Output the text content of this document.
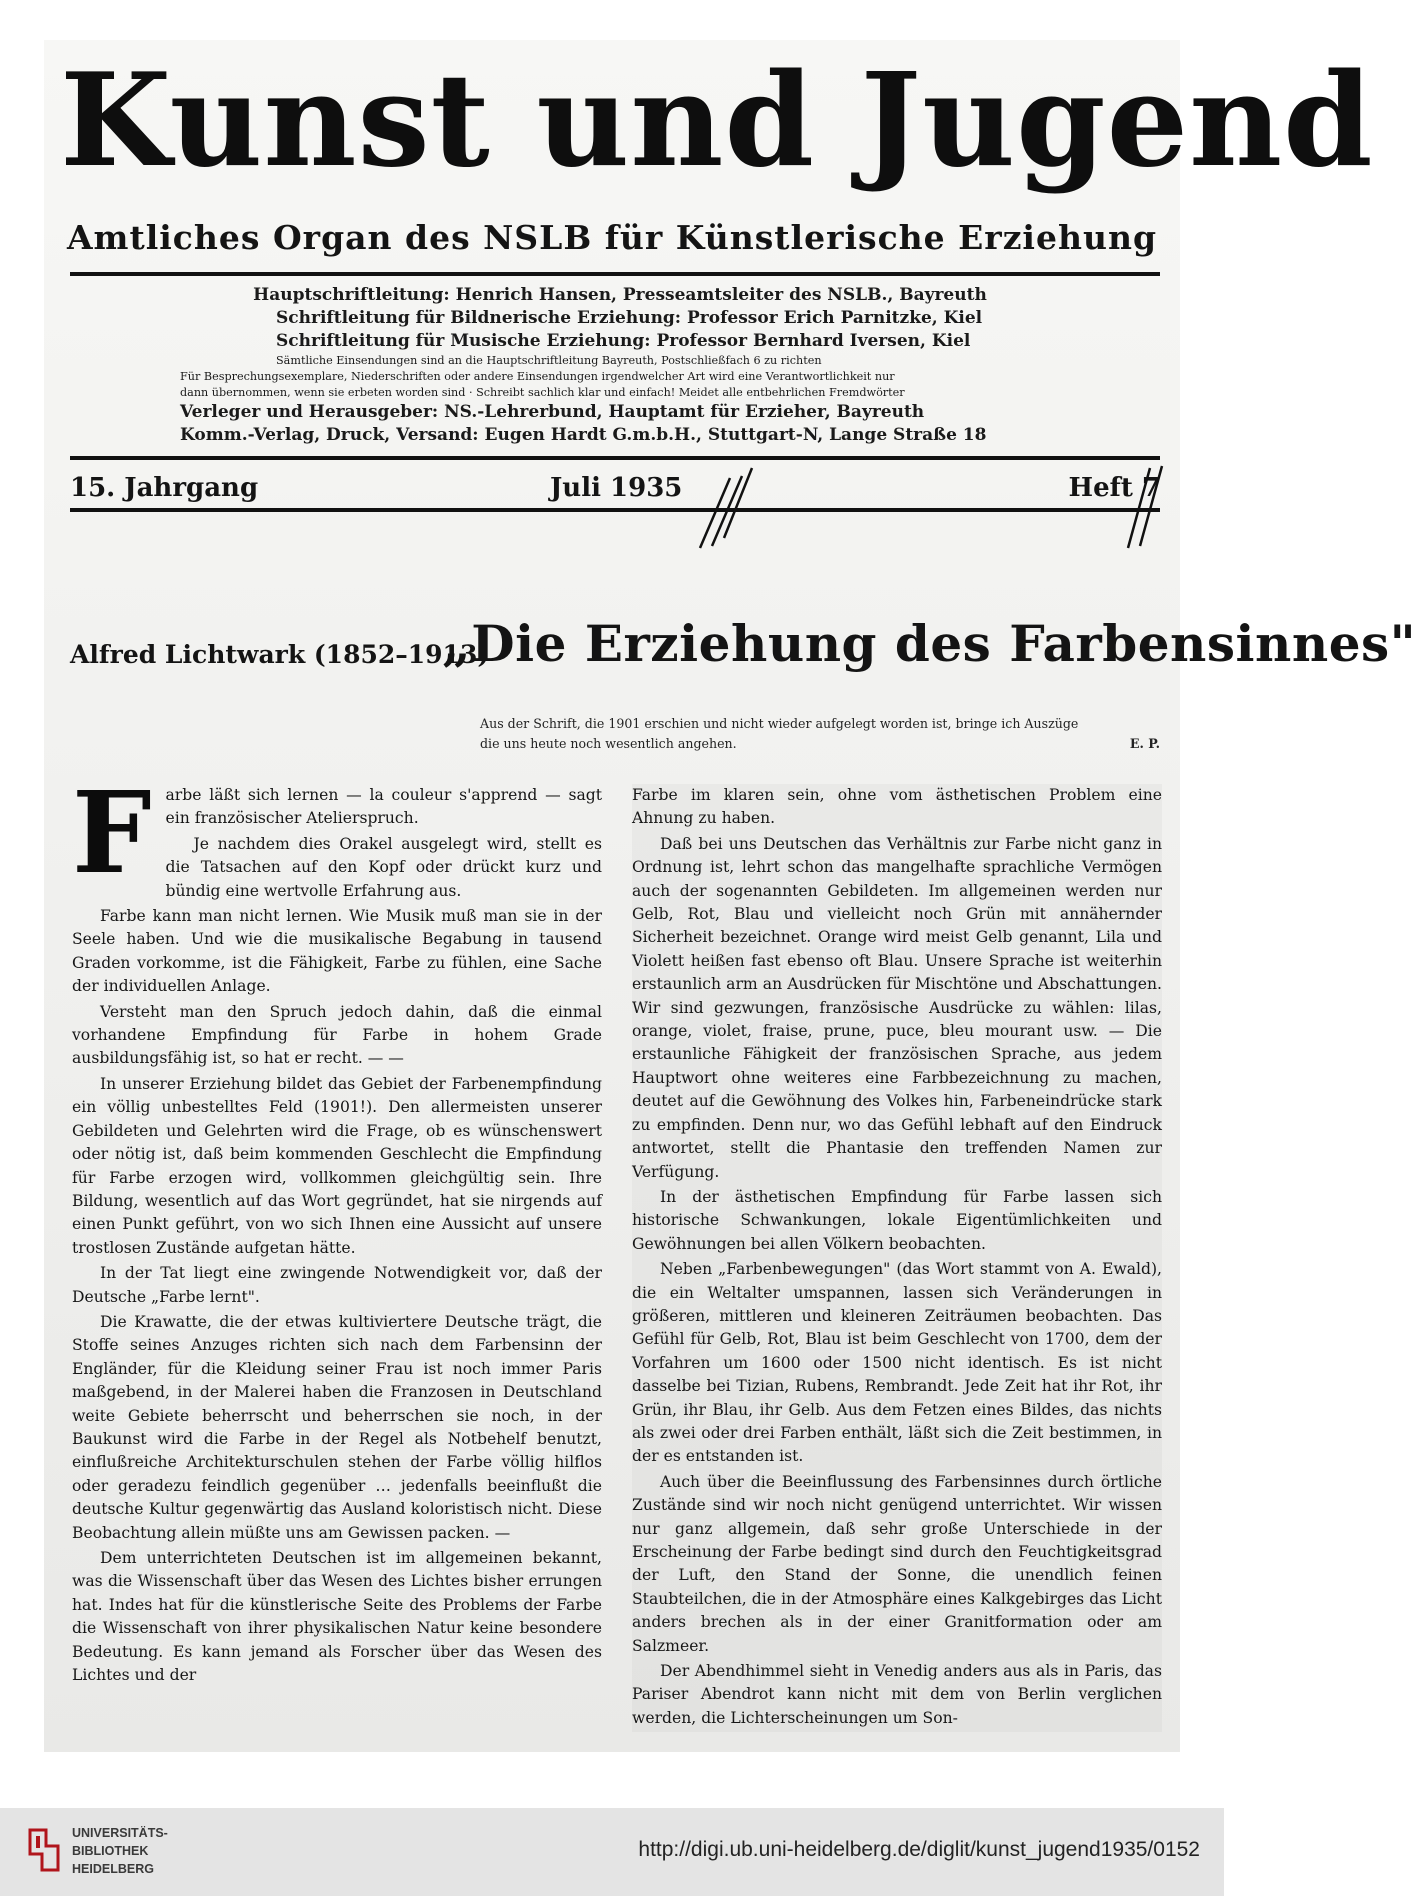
Kunst und Jugend
Amtliches Organ des NSLB für Künstlerische Erziehung
Hauptschriftleitung: Henrich Hansen, Presseamtsleiter des NSLB., Bayreuth
Schriftleitung für Bildnerische Erziehung: Professor Erich Parnitzke, Kiel
Schriftleitung für Musische Erziehung: Professor Bernhard Iversen, Kiel
Sämtliche Einsendungen sind an die Hauptschriftleitung Bayreuth, Postschließfach 6 zu richten
Für Besprechungsexemplare, Niederschriften oder andere Einsendungen irgendwelcher Art wird eine Verantwortlichkeit nur
dann übernommen, wenn sie erbeten worden sind · Schreibt sachlich klar und einfach! Meidet alle entbehrlichen Fremdwörter
Verleger und Herausgeber: NS.-Lehrerbund, Hauptamt für Erzieher, Bayreuth
Komm.-Verlag, Druck, Versand: Eugen Hardt G.m.b.H., Stuttgart-N, Lange Straße 18
15. Jahrgang	Juli 1935	Heft 7
Alfred Lichtwark (1852–1913)
„Die Erziehung des Farbensinnes"
Aus der Schrift, die 1901 erschien und nicht wieder aufgelegt worden ist, bringe ich Auszüge
die uns heute noch wesentlich angehen.	E. P.
F arbe läßt sich lernen — la couleur s'apprend — sagt ein französischer Atelierspruch.

Je nachdem dies Orakel ausgelegt wird, stellt es die Tatsachen auf den Kopf oder drückt kurz und bündig eine wertvolle Erfahrung aus.

Farbe kann man nicht lernen. Wie Musik muß man sie in der Seele haben. Und wie die musikalische Begabung in tausend Graden vorkomme, ist die Fähigkeit, Farbe zu fühlen, eine Sache der individuellen Anlage.

Versteht man den Spruch jedoch dahin, daß die einmal vorhandene Empfindung für Farbe in hohem Grade ausbildungsfähig ist, so hat er recht. — —

In unserer Erziehung bildet das Gebiet der Farbenempfindung ein völlig unbestelltes Feld (1901!). Den allermeisten unserer Gebildeten und Gelehrten wird die Frage, ob es wünschenswert oder nötig ist, daß beim kommenden Geschlecht die Empfindung für Farbe erzogen wird, vollkommen gleichgültig sein. Ihre Bildung, wesentlich auf das Wort gegründet, hat sie nirgends auf einen Punkt geführt, von wo sich Ihnen eine Aussicht auf unsere trostlosen Zustände aufgetan hätte.

In der Tat liegt eine zwingende Notwendigkeit vor, daß der Deutsche „Farbe lernt".

Die Krawatte, die der etwas kultiviertere Deutsche trägt, die Stoffe seines Anzuges richten sich nach dem Farbensinn der Engländer, für die Kleidung seiner Frau ist noch immer Paris maßgebend, in der Malerei haben die Franzosen in Deutschland weite Gebiete beherrscht und beherrschen sie noch, in der Baukunst wird die Farbe in der Regel als Notbehelf benutzt, einflußreiche Architekturschulen stehen der Farbe völlig hilflos oder geradezu feindlich gegenüber … jedenfalls beeinflußt die deutsche Kultur gegenwärtig das Ausland koloristisch nicht. Diese Beobachtung allein müßte uns am Gewissen packen. —

Dem unterrichteten Deutschen ist im allgemeinen bekannt, was die Wissenschaft über das Wesen des Lichtes bisher errungen hat. Indes hat für die künstlerische Seite des Problems der Farbe die Wissenschaft von ihrer physikalischen Natur keine besondere Bedeutung. Es kann jemand als Forscher über das Wesen des Lichtes und der

Farbe im klaren sein, ohne vom ästhetischen Problem eine Ahnung zu haben.

Daß bei uns Deutschen das Verhältnis zur Farbe nicht ganz in Ordnung ist, lehrt schon das mangelhafte sprachliche Vermögen auch der sogenannten Gebildeten. Im allgemeinen werden nur Gelb, Rot, Blau und vielleicht noch Grün mit annähernder Sicherheit bezeichnet. Orange wird meist Gelb genannt, Lila und Violett heißen fast ebenso oft Blau. Unsere Sprache ist weiterhin erstaunlich arm an Ausdrücken für Mischtöne und Abschattungen. Wir sind gezwungen, französische Ausdrücke zu wählen: lilas, orange, violet, fraise, prune, puce, bleu mourant usw. — Die erstaunliche Fähigkeit der französischen Sprache, aus jedem Hauptwort ohne weiteres eine Farbbezeichnung zu machen, deutet auf die Gewöhnung des Volkes hin, Farbeneindrücke stark zu empfinden. Denn nur, wo das Gefühl lebhaft auf den Eindruck antwortet, stellt die Phantasie den treffenden Namen zur Verfügung.

In der ästhetischen Empfindung für Farbe lassen sich historische Schwankungen, lokale Eigentümlichkeiten und Gewöhnungen bei allen Völkern beobachten.

Neben „Farbenbewegungen" (das Wort stammt von A. Ewald), die ein Weltalter umspannen, lassen sich Veränderungen in größeren, mittleren und kleineren Zeiträumen beobachten. Das Gefühl für Gelb, Rot, Blau ist beim Geschlecht von 1700, dem der Vorfahren um 1600 oder 1500 nicht identisch. Es ist nicht dasselbe bei Tizian, Rubens, Rembrandt. Jede Zeit hat ihr Rot, ihr Grün, ihr Blau, ihr Gelb. Aus dem Fetzen eines Bildes, das nichts als zwei oder drei Farben enthält, läßt sich die Zeit bestimmen, in der es entstanden ist.

Auch über die Beeinflussung des Farbensinnes durch örtliche Zustände sind wir noch nicht genügend unterrichtet. Wir wissen nur ganz allgemein, daß sehr große Unterschiede in der Erscheinung der Farbe bedingt sind durch den Feuchtigkeitsgrad der Luft, den Stand der Sonne, die unendlich feinen Staubteilchen, die in der Atmosphäre eines Kalkgebirges das Licht anders brechen als in der einer Granitformation oder am Salzmeer.

Der Abendhimmel sieht in Venedig anders aus als in Paris, das Pariser Abendrot kann nicht mit dem von Berlin verglichen werden, die Lichterscheinungen um Son-

UNIVERSITÄTS-
BIBLIOTHEK
HEIDELBERG
http://digi.ub.uni-heidelberg.de/diglit/kunst_jugend1935/0152
